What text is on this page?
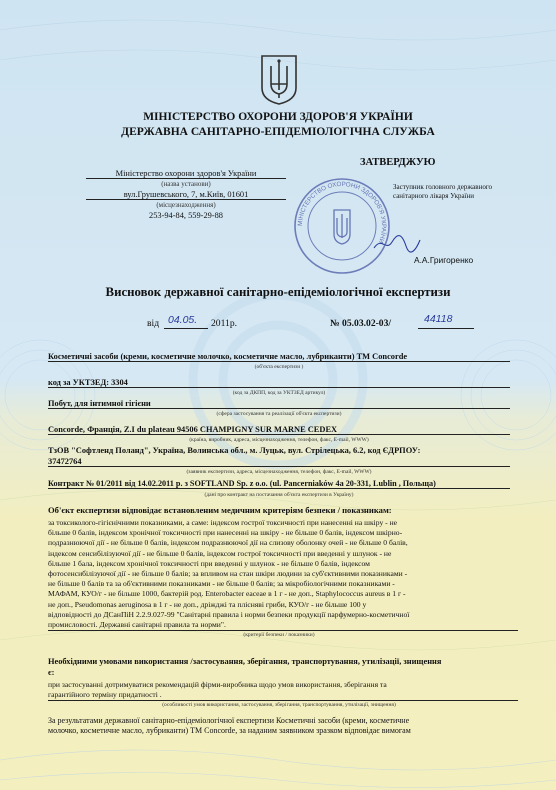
МІНІСТЕРСТВО ОХОРОНИ ЗДОРОВ'Я УКРАЇНИ
ДЕРЖАВНА САНІТАРНО-ЕПІДЕМІОЛОГІЧНА СЛУЖБА
Міністерство охорони здоров'я України
(назва установи)
вул.Грушевського, 7, м.Київ, 01601
(місцезнаходження)
253-94-84, 559-29-88
ЗАТВЕРДЖУЮ
Заступник головного державного санітарного лікаря України
А.А.Григоренко
МІНІСТЕРСТВО ОХОРОНИ ЗДОРОВ'Я УКРАЇНИ
Висновок державної санітарно-епідеміологічної експертизи
від 04.05. 2011р.	№ 05.03.02-03/	44118
Косметичні засоби (креми, косметичне молочко, косметичне масло, лубриканти) TM Concorde
(об'єкта експертизи )
код за УКТЗЕД: 3304
(код за ДКПП, код за УКТЗЕД артикул)
Побут, для інтимної гігієни
(сфера застосування та реалізації об'єкта експертизи)
Concorde, Франція, Z.I du plateau 94506 CHAMPIGNY SUR MARNE CEDEX
(країна, виробник, адреса, місцезнаходження, телефон, факс, E-mail, WWW)
ТзОВ "Софтленд Поланд", Україна, Волинська обл., м. Луцьк, вул. Стрілецька, 6.2, код ЄДРПОУ:
37472764
(заявник експертизи, адреса, місцезнаходження, телефон, факс, E-mail, WWW)
Контракт № 01/2011 від 14.02.2011 р. з SOFTLAND Sp. z o.o. (ul. Pancerniaków 4a 20-331, Lublin , Польща)
(дані про контракт на постачання об'єкта експертизи в Україну)
Об'єкт експертизи відповідає встановленим медичним критеріям безпеки / показникам:
за токсиколого-гігієнічними показниками, а саме: індексом гострої токсичності при нанесенні на шкіру - не
більше 0 балів, індексом хронічної токсичності при нанесенні на шкіру - не більше 0 балів, індексом шкірно-
подразнюючої дії - не більше 0 балів, індексом подразнюючої дії на слизову оболонку очей - не більше 0 балів,
індексом сенсибілізуючої дії - не більше 0 балів, індексом гострої токсичності при введенні у шлунок - не
більше 1 бала, індексом хронічної токсичності при введенні у шлунок - не більше 0 балів, індексом
фотосенсибілізуючої дії - не більше 0 балів; за впливом на стан шкіри людини за суб'єктивними показниками -
не більше 0 балів та за об'єктивними показниками - не більше 0 балів; за мікробіологічними показниками -
МАФАМ, КУО/г - не більше 1000, бактерій род. Enterobacter eaceae в 1 г - не доп., Staphylococcus aureus в 1 г -
не доп., Pseudomonas aeruginosa в 1 г - не доп., дріжджі та плісняві гриби, КУО/г - не більше 100 у
відповідності до ДСанПіН 2.2.9.027-99 "Санітарні правила і норми безпеки продукції парфумерно-косметичної
промисловості. Державні санітарні правила та норми".
(критерії безпеки / показники)
Необхідними умовами використання /застосування, зберігання, транспортування, утилізації, знищення
є:
при застосуванні дотримуватися рекомендацій фірми-виробника щодо умов використання, зберігання та
гарантійного терміну придатності .
(особливості умов використання, застосування, зберігання, транспортування, утилізації, знищення)
За результатами державної санітарно-епідеміологічної експертизи Косметичні засоби (креми, косметичне
молочко, косметичне масло, лубриканти) TM Concorde, за наданим заявником зразком відповідає вимогам
